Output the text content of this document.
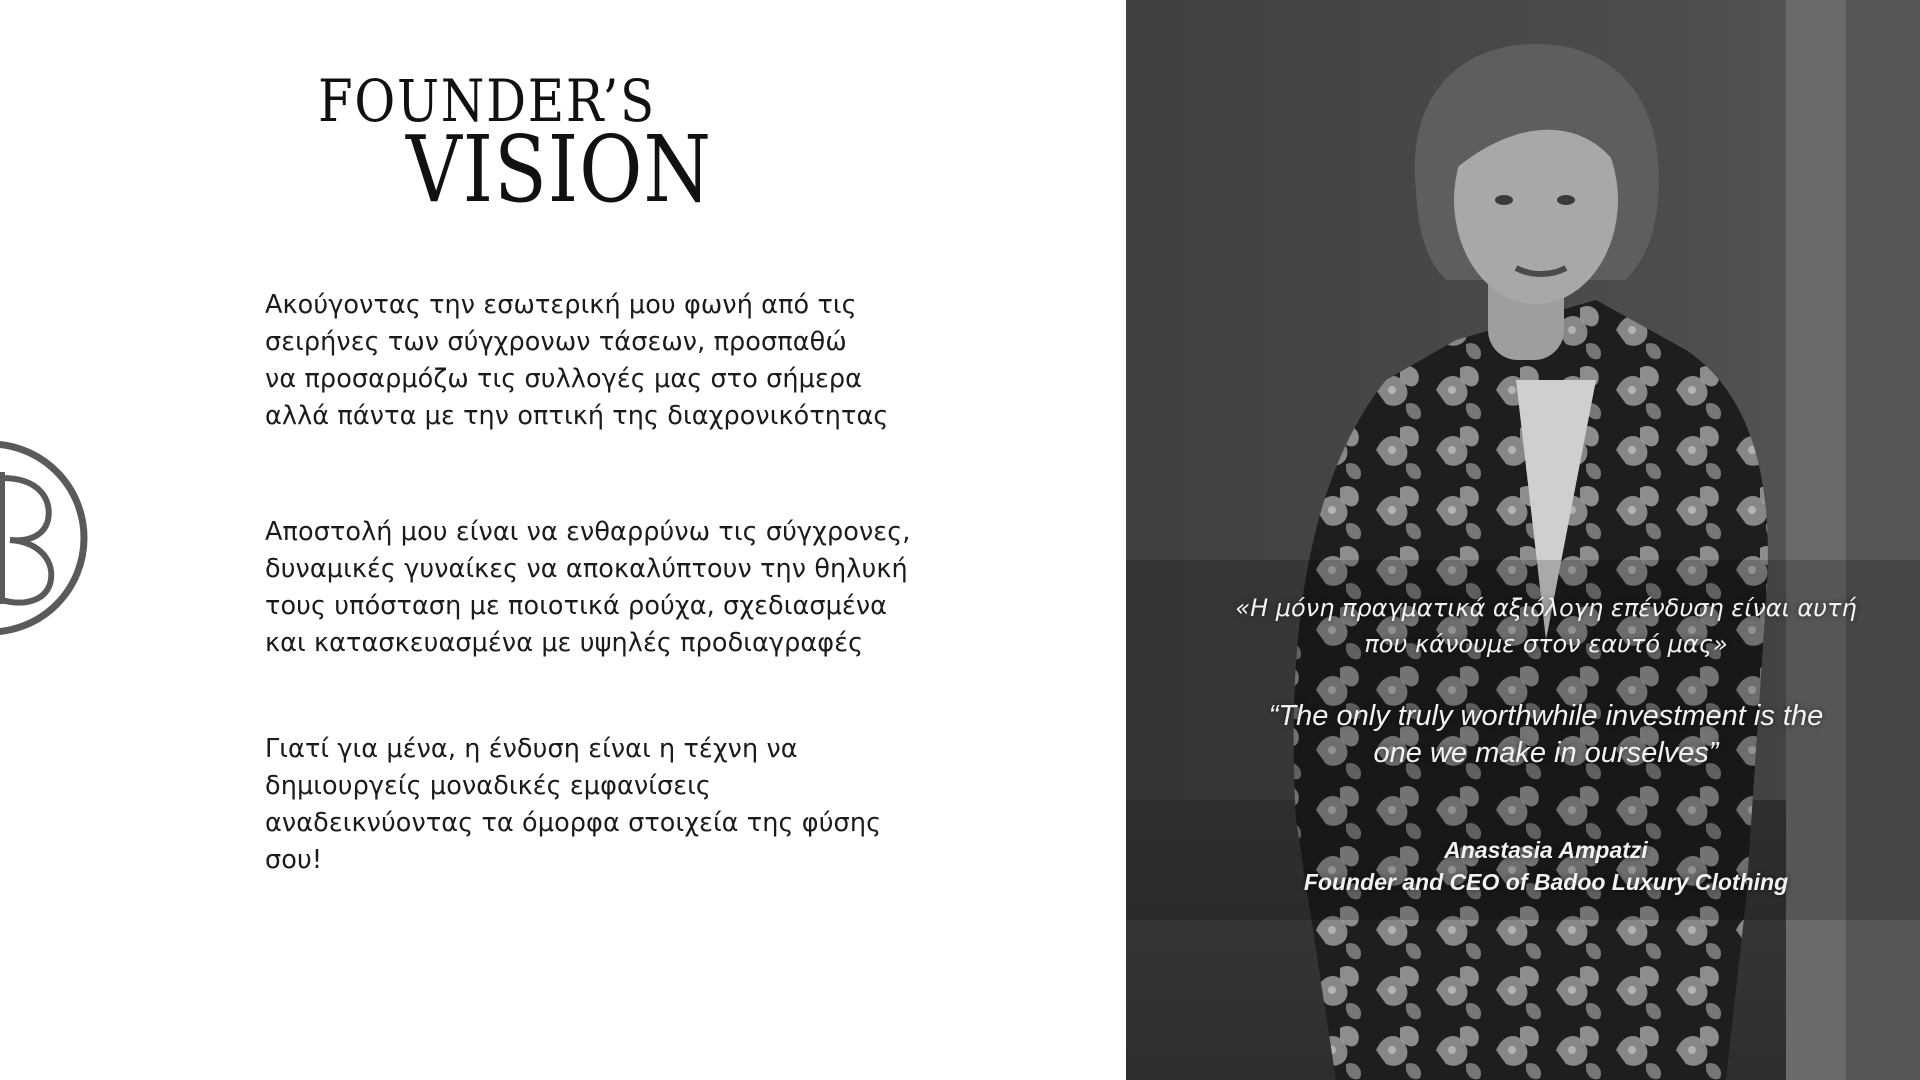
FOUNDER’S
VISION

Ακούγοντας την εσωτερική μου φωνή από τις
σειρήνες των σύγχρονων τάσεων, προσπαθώ
να προσαρμόζω τις συλλογές μας στο σήμερα
αλλά πάντα με την οπτική της διαχρονικότητας

Αποστολή μου είναι να ενθαρρύνω τις σύγχρονες,
δυναμικές γυναίκες να αποκαλύπτουν την θηλυκή
τους υπόσταση με ποιοτικά ρούχα, σχεδιασμένα
και κατασκευασμένα με υψηλές προδιαγραφές

Γιατί για μένα, η ένδυση είναι η τέχνη να
δημιουργείς μοναδικές εμφανίσεις
αναδεικνύοντας τα όμορφα στοιχεία της φύσης
σου!

«Η μόνη πραγματικά αξιόλογη επένδυση είναι αυτή
που κάνουμε στον εαυτό μας»
“The only truly worthwhile investment is the
one we make in ourselves”
Anastasia Ampatzi
Founder and CEO of Badoo Luxury Clothing
